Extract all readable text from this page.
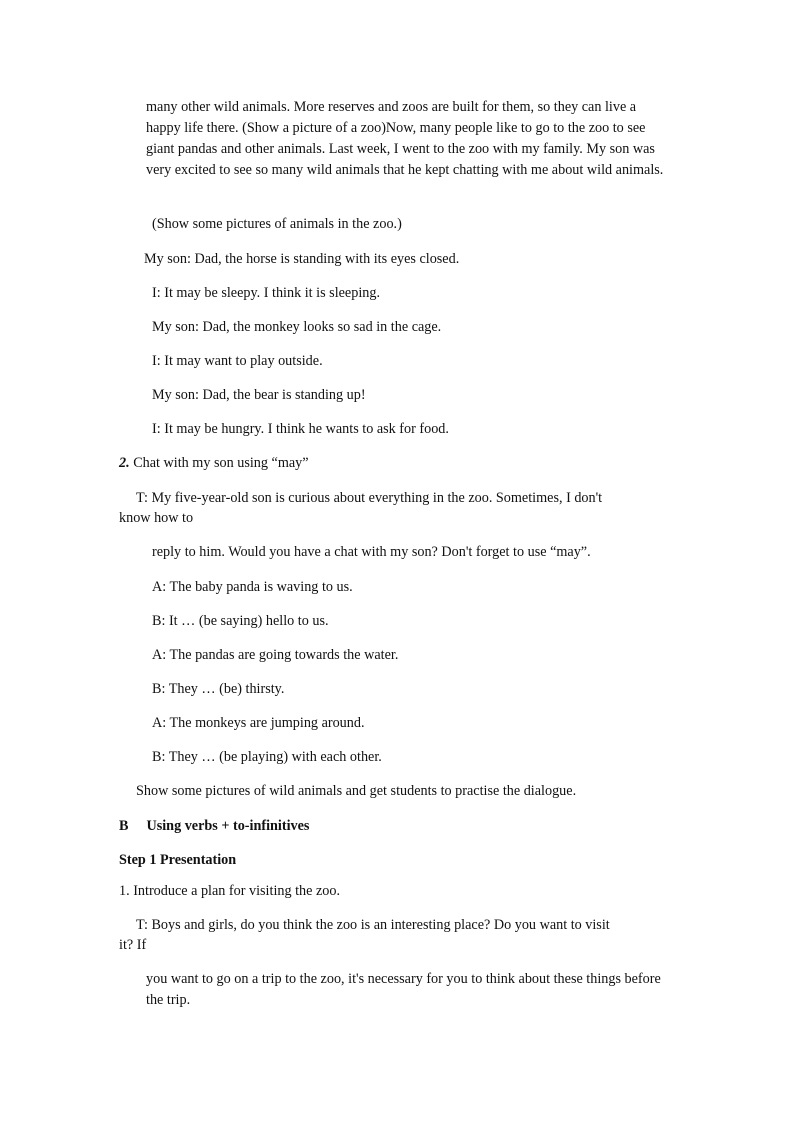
many other wild animals. More reserves and zoos are built for them, so they can live a happy life there. (Show a picture of a zoo)Now, many people like to go to the zoo to see giant pandas and other animals. Last week, I went to the zoo with my family. My son was very excited to see so many wild animals that he kept chatting with me about wild animals.
(Show some pictures of animals in the zoo.)
My son: Dad, the horse is standing with its eyes closed.
I: It may be sleepy. I think it is sleeping.
My son: Dad, the monkey looks so sad in the cage.
I: It may want to play outside.
My son: Dad, the bear is standing up!
I: It may be hungry. I think he wants to ask for food.
2. Chat with my son using “may”
T: My five-year-old son is curious about everything in the zoo. Sometimes, I don't
know how to
reply to him. Would you have a chat with my son? Don't forget to use “may”.
A: The baby panda is waving to us.
B: It … (be saying) hello to us.
A: The pandas are going towards the water.
B: They … (be) thirsty.
A: The monkeys are jumping around.
B: They … (be playing) with each other.
Show some pictures of wild animals and get students to practise the dialogue.
B Using verbs + to-infinitives
Step 1 Presentation
1. Introduce a plan for visiting the zoo.
T: Boys and girls, do you think the zoo is an interesting place? Do you want to visit
it? If
you want to go on a trip to the zoo, it's necessary for you to think about these things before the trip.
